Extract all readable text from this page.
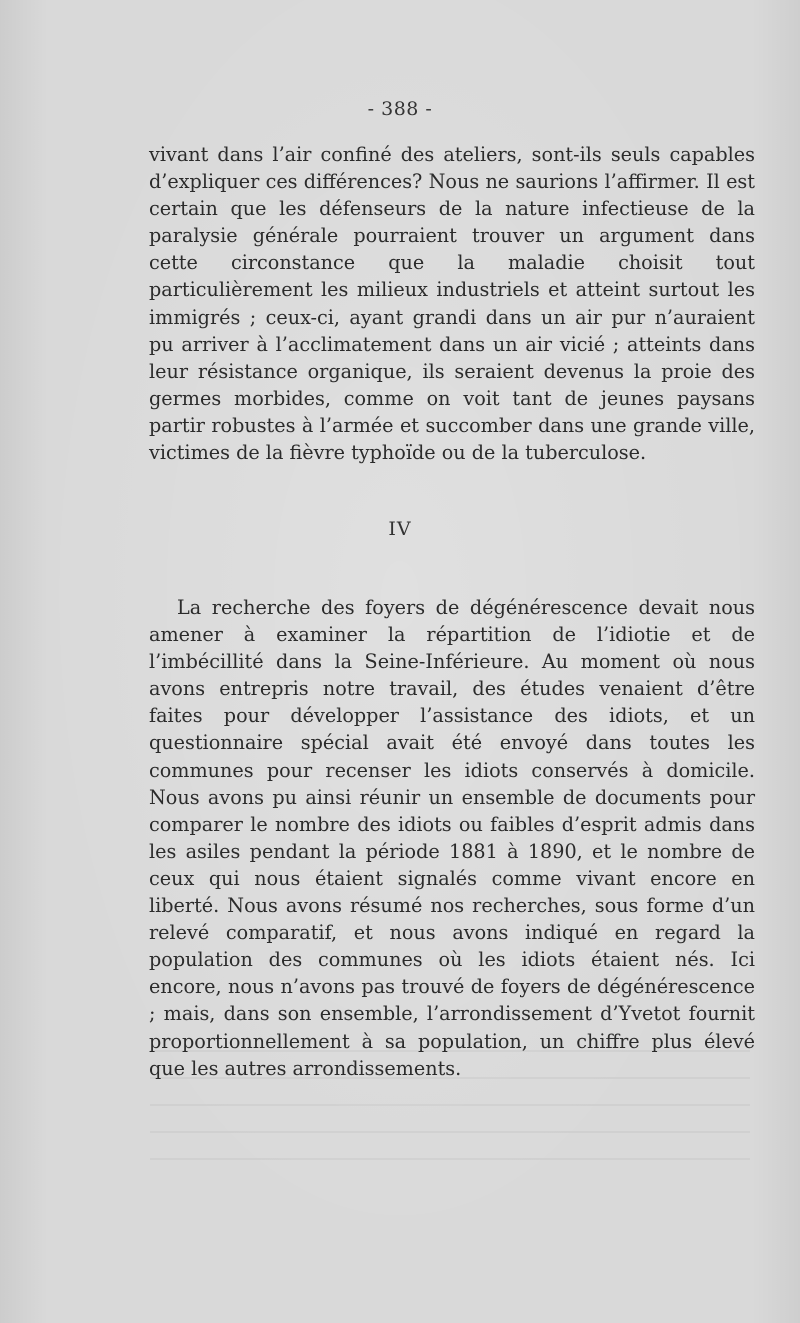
- 388 -

vivant dans l’air confiné des ateliers, sont-ils seuls capables d’expliquer ces différences? Nous ne saurions l’affirmer. Il est certain que les défenseurs de la nature infectieuse de la paralysie générale pourraient trouver un argument dans cette circonstance que la maladie choisit tout particulièrement les milieux industriels et atteint surtout les immigrés ; ceux-ci, ayant grandi dans un air pur n’auraient pu arriver à l’acclimatement dans un air vicié ; atteints dans leur résistance organique, ils seraient devenus la proie des germes morbides, comme on voit tant de jeunes paysans partir robustes à l’armée et succomber dans une grande ville, victimes de la fièvre typhoïde ou de la tuberculose.

IV

La recherche des foyers de dégénérescence devait nous amener à examiner la répartition de l’idiotie et de l’imbécillité dans la Seine-Inférieure. Au moment où nous avons entrepris notre travail, des études venaient d’être faites pour développer l’assistance des idiots, et un questionnaire spécial avait été envoyé dans toutes les communes pour recenser les idiots conservés à domicile. Nous avons pu ainsi réunir un ensemble de documents pour comparer le nombre des idiots ou faibles d’esprit admis dans les asiles pendant la période 1881 à 1890, et le nombre de ceux qui nous étaient signalés comme vivant encore en liberté. Nous avons résumé nos recherches, sous forme d’un relevé comparatif, et nous avons indiqué en regard la population des communes où les idiots étaient nés. Ici encore, nous n’avons pas trouvé de foyers de dégénérescence ; mais, dans son ensemble, l’arrondissement d’Yvetot fournit proportionnellement à sa population, un chiffre plus élevé que les autres arrondissements.
